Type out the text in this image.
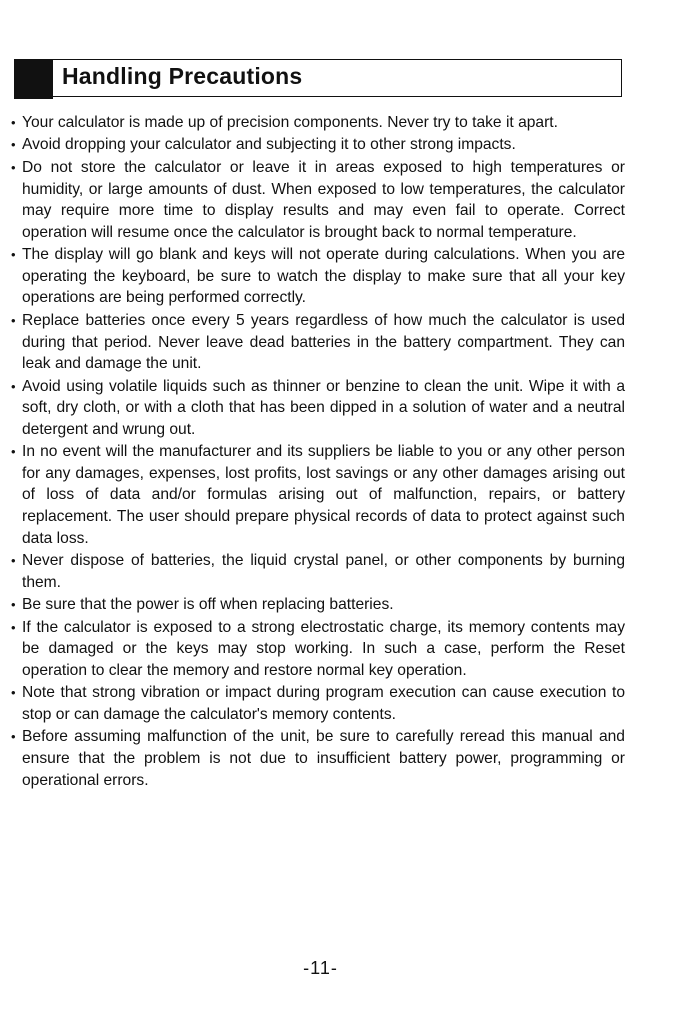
Handling Precautions
• Your calculator is made up of precision components. Never try to take it apart.
• Avoid dropping your calculator and subjecting it to other strong impacts.
• Do not store the calculator or leave it in areas exposed to high temperatures or humidity, or large amounts of dust. When exposed to low temperatures, the calculator may require more time to display results and may even fail to operate. Correct operation will resume once the calculator is brought back to normal temperature.
• The display will go blank and keys will not operate during calculations. When you are operating the keyboard, be sure to watch the display to make sure that all your key operations are being performed correctly.
• Replace batteries once every 5 years regardless of how much the calculator is used during that period. Never leave dead batteries in the battery compartment. They can leak and damage the unit.
• Avoid using volatile liquids such as thinner or benzine to clean the unit. Wipe it with a soft, dry cloth, or with a cloth that has been dipped in a solution of water and a neutral detergent and wrung out.
• In no event will the manufacturer and its suppliers be liable to you or any other person for any damages, expenses, lost profits, lost savings or any other damages arising out of loss of data and/or formulas arising out of malfunction, repairs, or battery replacement. The user should prepare physical records of data to protect against such data loss.
• Never dispose of batteries, the liquid crystal panel, or other components by burning them.
• Be sure that the power is off when replacing batteries.
• If the calculator is exposed to a strong electrostatic charge, its memory contents may be damaged or the keys may stop working. In such a case, perform the Reset operation to clear the memory and restore normal key operation.
• Note that strong vibration or impact during program execution can cause execution to stop or can damage the calculator's memory contents.
• Before assuming malfunction of the unit, be sure to carefully reread this manual and ensure that the problem is not due to insufficient battery power, programming or operational errors.
-11-
